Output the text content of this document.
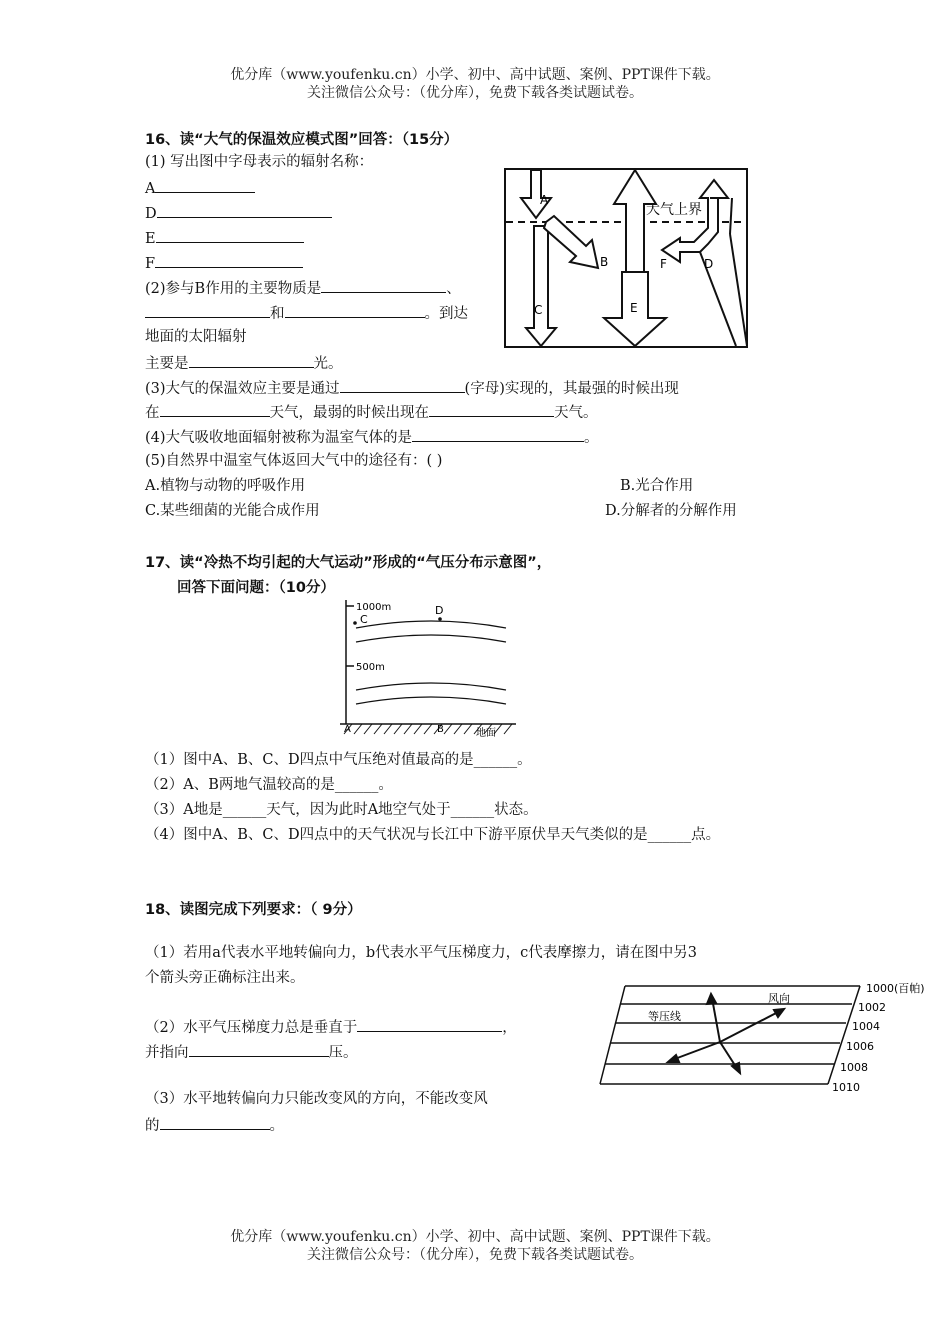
优分库（www.youfenku.cn）小学、初中、高中试题、案例、PPT课件下载。
关注微信公众号：（优分库），免费下载各类试题试卷。
16、读“大气的保温效应模式图”回答：（15分）
(1) 写出图中字母表示的辐射名称：
A
D
E
F
(2)参与B作用的主要物质是	、
和	。到达
地面的太阳辐射
主要是	光。
(3)大气的保温效应主要是通过	(字母)实现的，其最强的时候出现
在	天气，最弱的时候出现在	天气。
(4)大气吸收地面辐射被称为温室气体的是	。
(5)自然界中温室气体返回大气中的途径有：( )
A.植物与动物的呼吸作用	B.光合作用
C.某些细菌的光能合成作用	D.分解者的分解作用
大气上界
A
C
B	F
E
D
17、读“冷热不均引起的大气运动”形成的“气压分布示意图”，
回答下面问题：（10分）
1000m
500m
C
D
A	B	地面
（1）图中A、B、C、D四点中气压绝对值最高的是______。
（2）A、B两地气温较高的是______。
（3）A地是______天气，因为此时A地空气处于______状态。
（4）图中A、B、C、D四点中的天气状况与长江中下游平原伏旱天气类似的是______点。
18、读图完成下列要求：（ 9分）
（1）若用a代表水平地转偏向力，b代表水平气压梯度力，c代表摩擦力，请在图中另3
个箭头旁正确标注出来。
（2）水平气压梯度力总是垂直于	，
并指向	压。
（3）水平地转偏向力只能改变风的方向，不能改变风
的	。
等压线
风向
1000(百帕)
1002
1004
1006
1008
1010
优分库（www.youfenku.cn）小学、初中、高中试题、案例、PPT课件下载。
关注微信公众号：（优分库），免费下载各类试题试卷。
